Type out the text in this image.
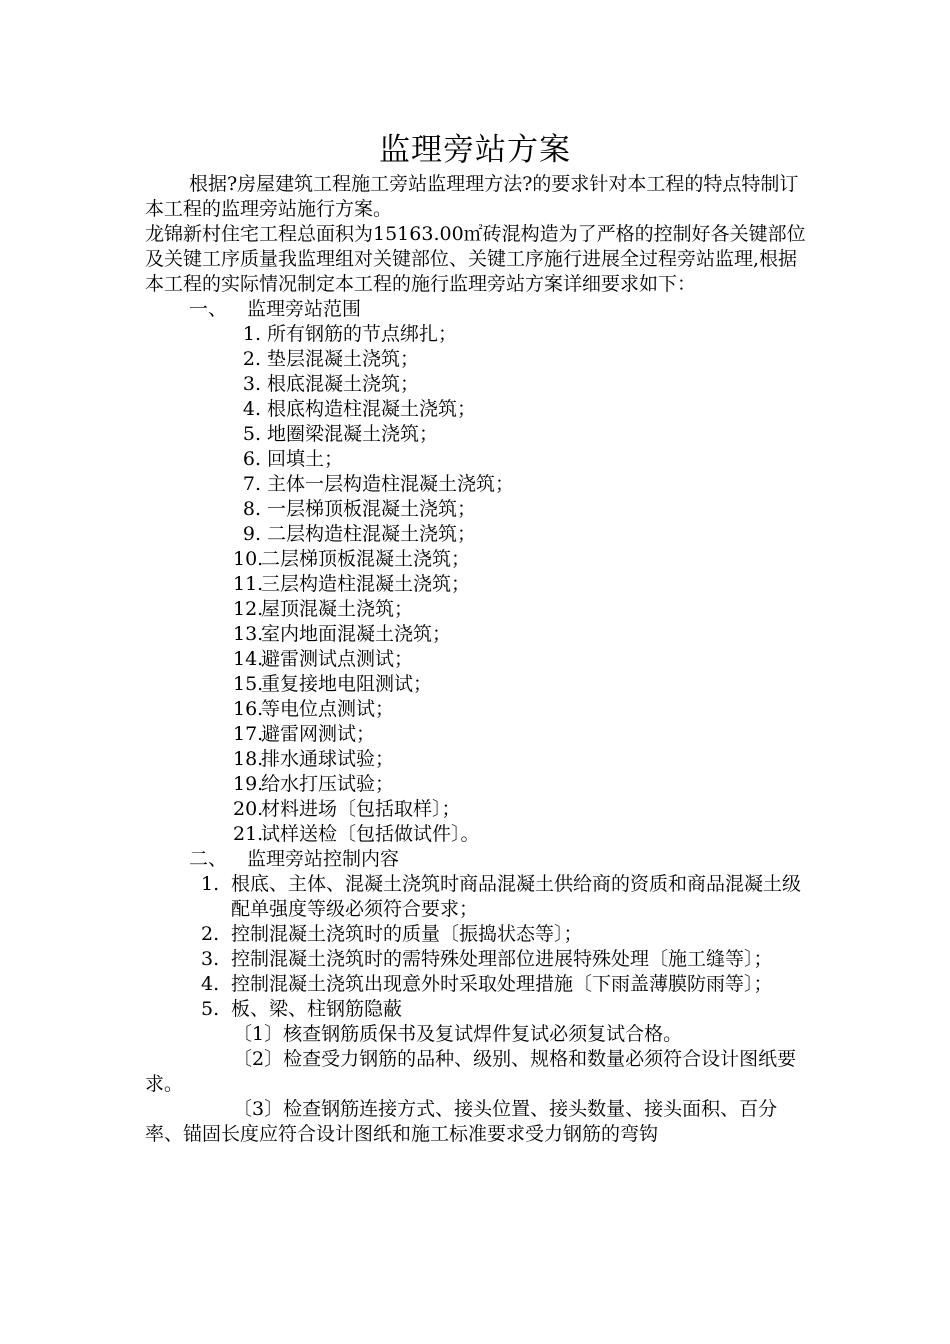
监理旁站方案

根据?房屋建筑工程施工旁站监理理方法?的要求针对本工程的特点特制订本工程的监理旁站施行方案。

龙锦新村住宅工程总面积为15163.00㎡砖混构造为了严格的控制好各关键部位及关键工序质量我监理组对关键部位、关键工序施行进展全过程旁站监理,根据本工程的实际情况制定本工程的施行监理旁站方案详细要求如下：

一、 监理旁站范围
1. 所有钢筋的节点绑扎；
2. 垫层混凝土浇筑；
3. 根底混凝土浇筑；
4. 根底构造柱混凝土浇筑；
5. 地圈梁混凝土浇筑；
6. 回填土；
7. 主体一层构造柱混凝土浇筑；
8. 一层梯顶板混凝土浇筑；
9. 二层构造柱混凝土浇筑；
10.二层梯顶板混凝土浇筑；
11.三层构造柱混凝土浇筑；
12.屋顶混凝土浇筑；
13.室内地面混凝土浇筑；
14.避雷测试点测试；
15.重复接地电阻测试；
16.等电位点测试；
17.避雷网测试；
18.排水通球试验；
19.给水打压试验；
20.材料进场〔包括取样〕；
21.试样送检〔包括做试件〕。
二、 监理旁站控制内容
1. 根底、主体、混凝土浇筑时商品混凝土供给商的资质和商品混凝土级配单强度等级必须符合要求；
2. 控制混凝土浇筑时的质量〔振捣状态等〕；
3. 控制混凝土浇筑时的需特殊处理部位进展特殊处理〔施工缝等〕；
4. 控制混凝土浇筑出现意外时采取处理措施〔下雨盖薄膜防雨等〕；
5. 板、梁、柱钢筋隐蔽

〔1〕核查钢筋质保书及复试焊件复试必须复试合格。

〔2〕检查受力钢筋的品种、级别、规格和数量必须符合设计图纸要求。

〔3〕检查钢筋连接方式、接头位置、接头数量、接头面积、百分率、锚固长度应符合设计图纸和施工标准要求受力钢筋的弯钩
